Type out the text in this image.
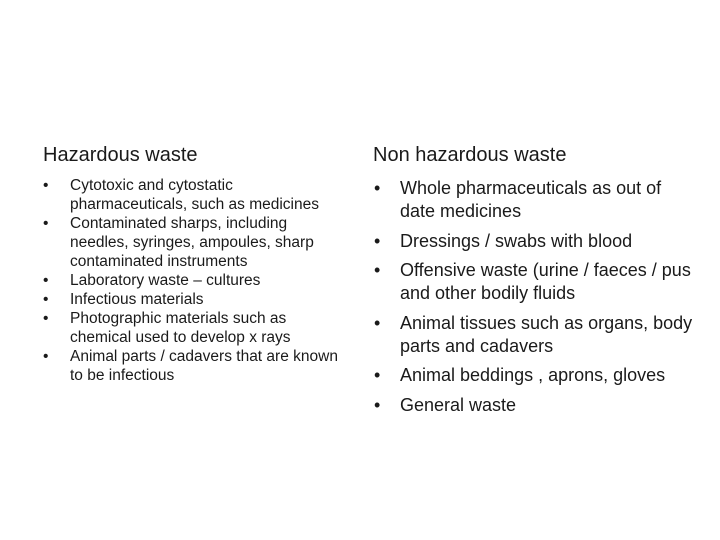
Hazardous waste
• Cytotoxic and cytostatic pharmaceuticals, such as medicines
• Contaminated sharps, including needles, syringes, ampoules, sharp contaminated instruments
• Laboratory waste – cultures
• Infectious materials
• Photographic materials such as chemical used to develop x rays
• Animal parts / cadavers that are known to be infectious
Non hazardous waste
• Whole pharmaceuticals as out of date medicines
• Dressings / swabs with blood
• Offensive waste (urine / faeces / pus and other bodily fluids
• Animal tissues such as organs, body parts and cadavers
• Animal beddings , aprons, gloves
• General waste
